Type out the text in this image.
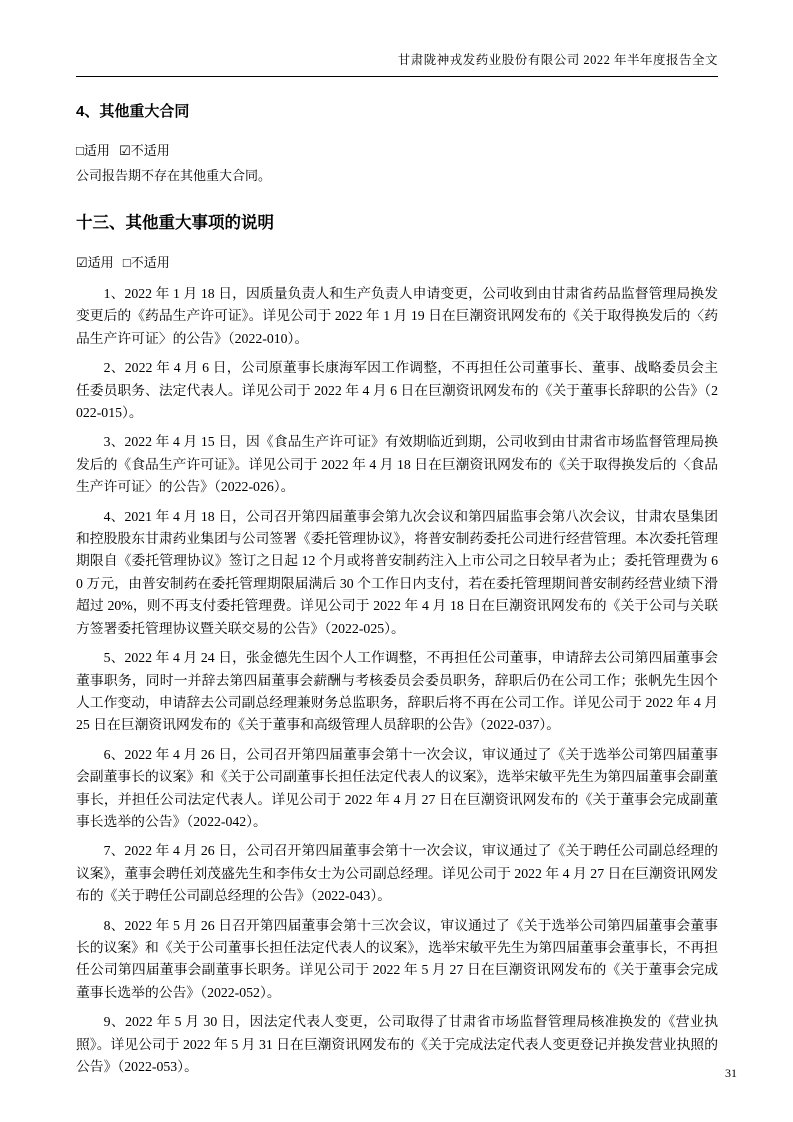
甘肃陇神戎发药业股份有限公司 2022 年半年度报告全文
4、其他重大合同

□适用 ☑不适用

公司报告期不存在其他重大合同。

十三、其他重大事项的说明

☑适用 □不适用

1、2022 年 1 月 18 日，因质量负责人和生产负责人申请变更，公司收到由甘肃省药品监督管理局换发变更后的《药品生产许可证》。详见公司于 2022 年 1 月 19 日在巨潮资讯网发布的《关于取得换发后的〈药品生产许可证〉的公告》（2022-010）。

2、2022 年 4 月 6 日，公司原董事长康海军因工作调整，不再担任公司董事长、董事、战略委员会主任委员职务、法定代表人。详见公司于 2022 年 4 月 6 日在巨潮资讯网发布的《关于董事长辞职的公告》（2022-015）。

3、2022 年 4 月 15 日，因《食品生产许可证》有效期临近到期，公司收到由甘肃省市场监督管理局换发后的《食品生产许可证》。详见公司于 2022 年 4 月 18 日在巨潮资讯网发布的《关于取得换发后的〈食品生产许可证〉的公告》（2022-026）。

4、2021 年 4 月 18 日，公司召开第四届董事会第九次会议和第四届监事会第八次会议，甘肃农垦集团和控股股东甘肃药业集团与公司签署《委托管理协议》，将普安制药委托公司进行经营管理。本次委托管理期限自《委托管理协议》签订之日起 12 个月或将普安制药注入上市公司之日较早者为止；委托管理费为 60 万元，由普安制药在委托管理期限届满后 30 个工作日内支付，若在委托管理期间普安制药经营业绩下滑超过 20%，则不再支付委托管理费。详见公司于 2022 年 4 月 18 日在巨潮资讯网发布的《关于公司与关联方签署委托管理协议暨关联交易的公告》（2022-025）。

5、2022 年 4 月 24 日，张金德先生因个人工作调整，不再担任公司董事，申请辞去公司第四届董事会董事职务，同时一并辞去第四届董事会薪酬与考核委员会委员职务，辞职后仍在公司工作；张帆先生因个人工作变动，申请辞去公司副总经理兼财务总监职务，辞职后将不再在公司工作。详见公司于 2022 年 4 月 25 日在巨潮资讯网发布的《关于董事和高级管理人员辞职的公告》（2022-037）。

6、2022 年 4 月 26 日，公司召开第四届董事会第十一次会议，审议通过了《关于选举公司第四届董事会副董事长的议案》和《关于公司副董事长担任法定代表人的议案》，选举宋敏平先生为第四届董事会副董事长，并担任公司法定代表人。详见公司于 2022 年 4 月 27 日在巨潮资讯网发布的《关于董事会完成副董事长选举的公告》（2022-042）。

7、2022 年 4 月 26 日，公司召开第四届董事会第十一次会议，审议通过了《关于聘任公司副总经理的议案》，董事会聘任刘茂盛先生和李伟女士为公司副总经理。详见公司于 2022 年 4 月 27 日在巨潮资讯网发布的《关于聘任公司副总经理的公告》（2022-043）。

8、2022 年 5 月 26 日召开第四届董事会第十三次会议，审议通过了《关于选举公司第四届董事会董事长的议案》和《关于公司董事长担任法定代表人的议案》，选举宋敏平先生为第四届董事会董事长，不再担任公司第四届董事会副董事长职务。详见公司于 2022 年 5 月 27 日在巨潮资讯网发布的《关于董事会完成董事长选举的公告》（2022-052）。

9、2022 年 5 月 30 日，因法定代表人变更，公司取得了甘肃省市场监督管理局核准换发的《营业执照》。详见公司于 2022 年 5 月 31 日在巨潮资讯网发布的《关于完成法定代表人变更登记并换发营业执照的公告》（2022-053）。	31
